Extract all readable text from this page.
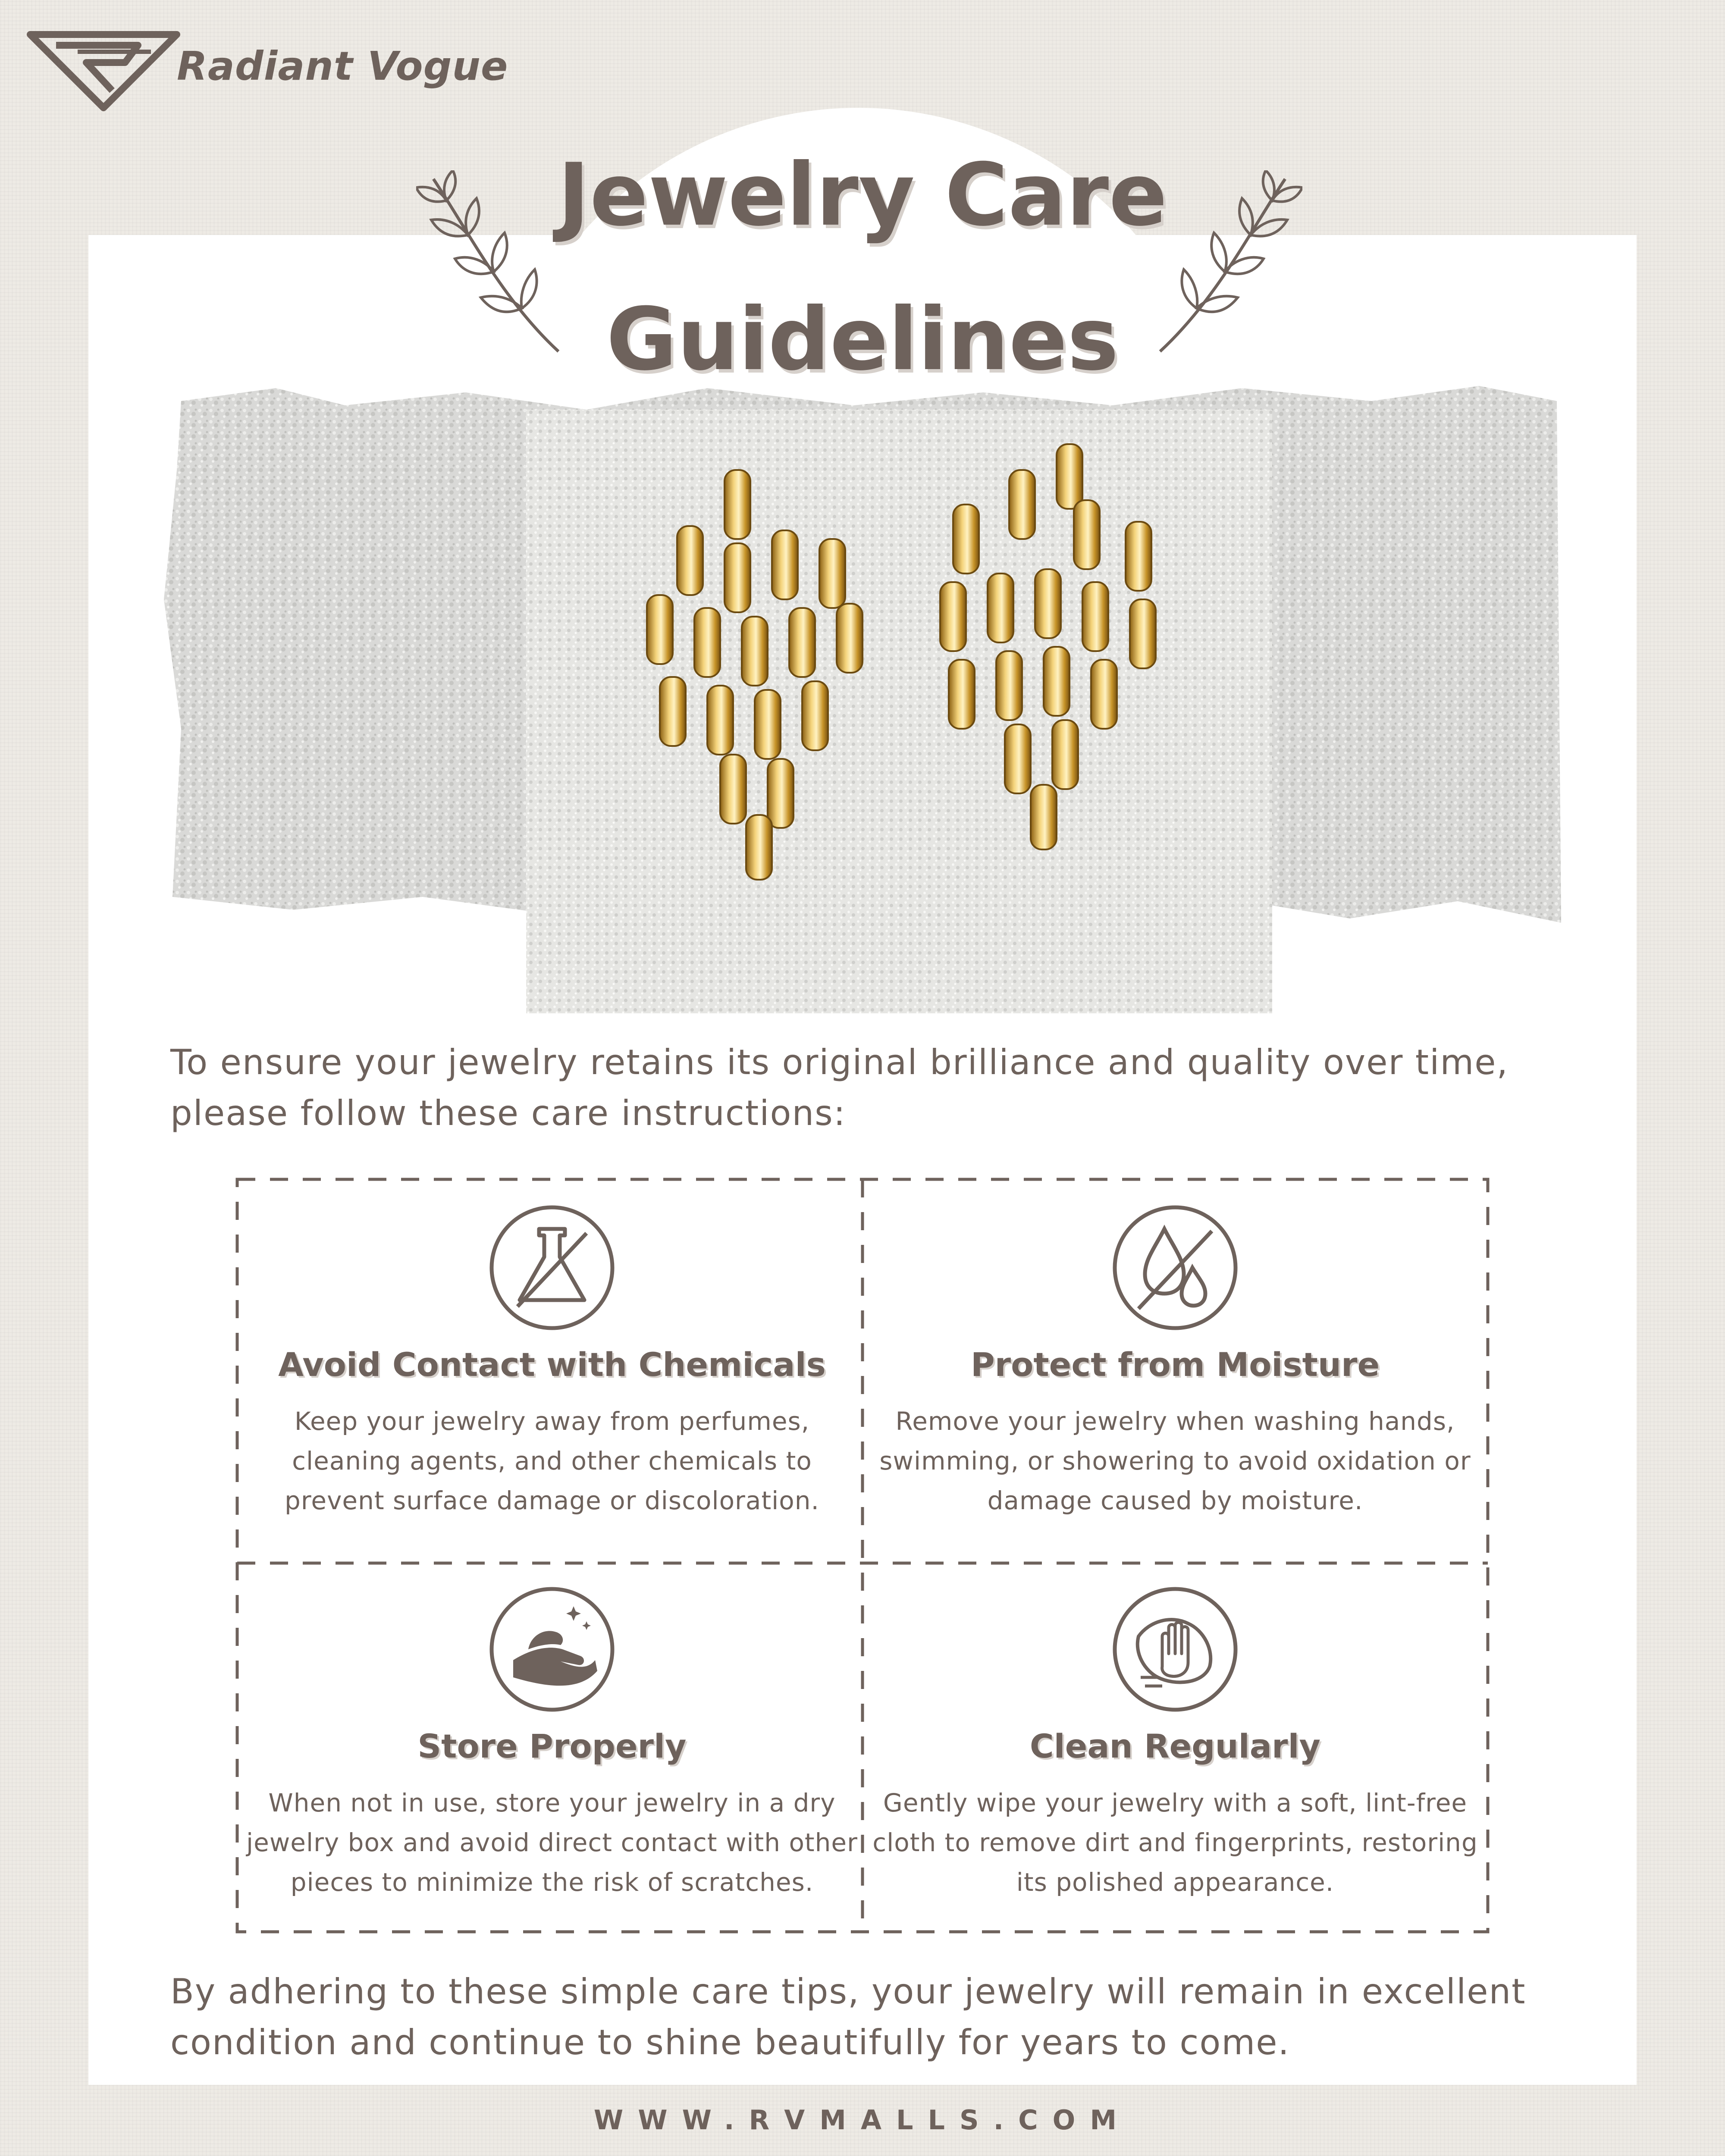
Radiant Vogue
Jewelry Care
Guidelines

To ensure your jewelry retains its original brilliance and quality over time, please follow these care instructions:

Avoid Contact with Chemicals

Keep your jewelry away from perfumes, cleaning agents, and other chemicals to prevent surface damage or discoloration.

Protect from Moisture

Remove your jewelry when washing hands, swimming, or showering to avoid oxidation or damage caused by moisture.

Store Properly

When not in use, store your jewelry in a dry jewelry box and avoid direct contact with other pieces to minimize the risk of scratches.

Clean Regularly

Gently wipe your jewelry with a soft, lint-free cloth to remove dirt and fingerprints, restoring its polished appearance.

By adhering to these simple care tips, your jewelry will remain in excellent condition and continue to shine beautifully for years to come.

WWW.RVMALLS.COM
